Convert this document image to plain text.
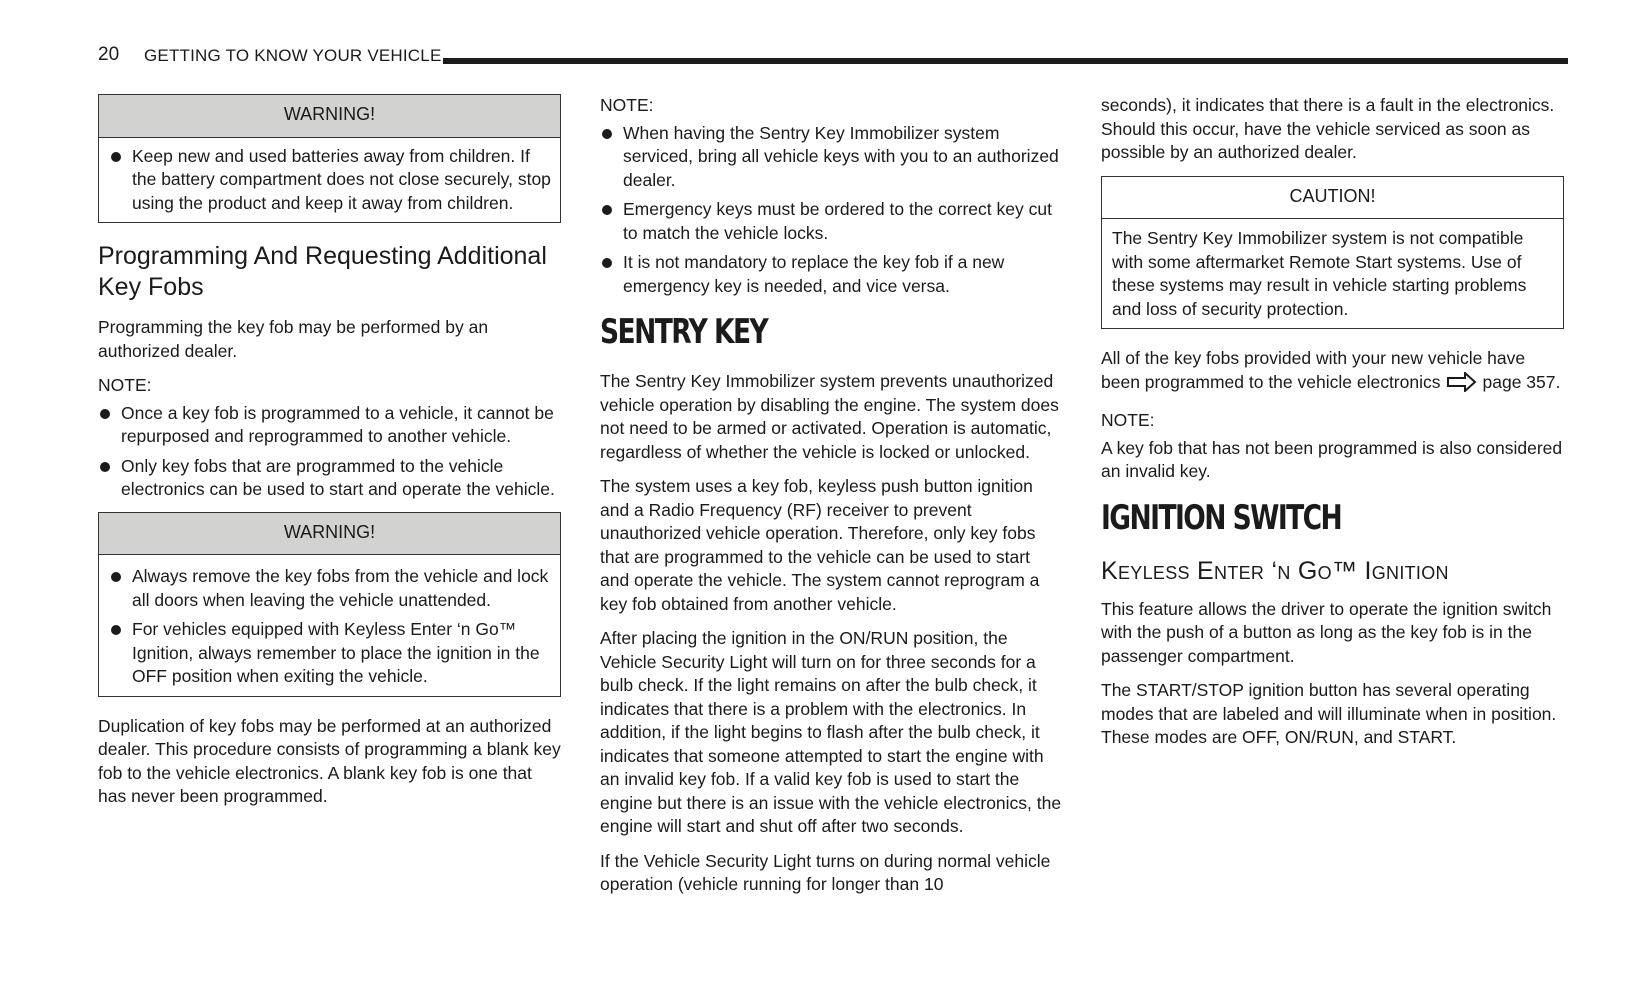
20 GETTING TO KNOW YOUR VEHICLE
WARNING!
Keep new and used batteries away from children. If the battery compartment does not close securely, stop using the product and keep it away from children.
Programming And Requesting Additional Key Fobs

Programming the key fob may be performed by an authorized dealer.

NOTE:

Once a key fob is programmed to a vehicle, it cannot be repurposed and reprogrammed to another vehicle.
Only key fobs that are programmed to the vehicle electronics can be used to start and operate the vehicle.
WARNING!
Always remove the key fobs from the vehicle and lock all doors when leaving the vehicle unattended.
For vehicles equipped with Keyless Enter ‘n Go™ Ignition, always remember to place the ignition in the OFF position when exiting the vehicle.

Duplication of key fobs may be performed at an authorized dealer. This procedure consists of programming a blank key fob to the vehicle electronics. A blank key fob is one that has never been programmed.

NOTE:

When having the Sentry Key Immobilizer system serviced, bring all vehicle keys with you to an authorized dealer.
Emergency keys must be ordered to the correct key cut to match the vehicle locks.
It is not mandatory to replace the key fob if a new emergency key is needed, and vice versa.
SENTRY KEY

The Sentry Key Immobilizer system prevents unauthorized vehicle operation by disabling the engine. The system does not need to be armed or activated. Operation is automatic, regardless of whether the vehicle is locked or unlocked.

The system uses a key fob, keyless push button ignition and a Radio Frequency (RF) receiver to prevent unauthorized vehicle operation. Therefore, only key fobs that are programmed to the vehicle can be used to start and operate the vehicle. The system cannot reprogram a key fob obtained from another vehicle.

After placing the ignition in the ON/RUN position, the Vehicle Security Light will turn on for three seconds for a bulb check. If the light remains on after the bulb check, it indicates that there is a problem with the electronics. In addition, if the light begins to flash after the bulb check, it indicates that someone attempted to start the engine with an invalid key fob. If a valid key fob is used to start the engine but there is an issue with the vehicle electronics, the engine will start and shut off after two seconds.

If the Vehicle Security Light turns on during normal vehicle operation (vehicle running for longer than 10

seconds), it indicates that there is a fault in the electronics. Should this occur, have the vehicle serviced as soon as possible by an authorized dealer.

CAUTION!

The Sentry Key Immobilizer system is not compatible with some aftermarket Remote Start systems. Use of these systems may result in vehicle starting problems and loss of security protection.

All of the key fobs provided with your new vehicle have been programmed to the vehicle electronics page 357.

NOTE:

A key fob that has not been programmed is also considered an invalid key.

IGNITION SWITCH
Keyless Enter ‘n Go™ Ignition

This feature allows the driver to operate the ignition switch with the push of a button as long as the key fob is in the passenger compartment.

The START/STOP ignition button has several operating modes that are labeled and will illuminate when in position. These modes are OFF, ON/RUN, and START.
